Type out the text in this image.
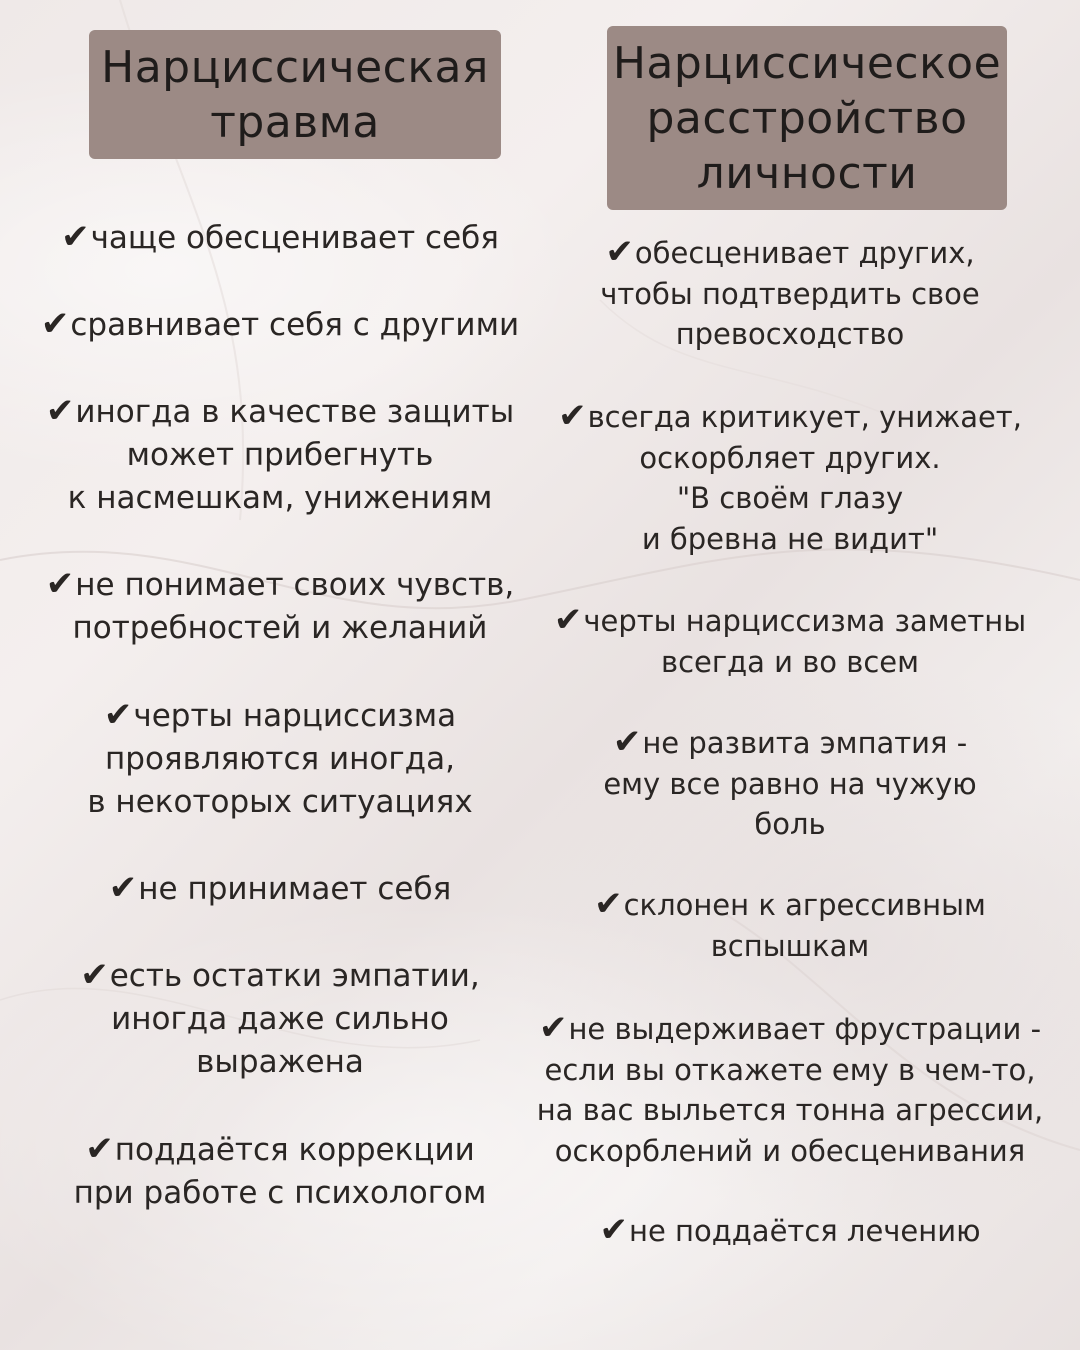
Нарциссическая
травма
Нарциссическое
расстройство
личности
✔чаще обесценивает себя
✔сравнивает себя с другими
✔иногда в качестве защиты
может прибегнуть
к насмешкам, унижениям
✔не понимает своих чувств,
потребностей и желаний
✔черты нарциссизма
проявляются иногда,
в некоторых ситуациях
✔не принимает себя
✔есть остатки эмпатии,
иногда даже сильно
выражена
✔поддаётся коррекции
при работе с психологом
✔обесценивает других,
чтобы подтвердить свое
превосходство
✔всегда критикует, унижает,
оскорбляет других.
"В своём глазу
и бревна не видит"
✔черты нарциссизма заметны
всегда и во всем
✔не развита эмпатия -
ему все равно на чужую
боль
✔склонен к агрессивным
вспышкам
✔не выдерживает фрустрации -
если вы откажете ему в чем-то,
на вас выльется тонна агрессии,
оскорблений и обесценивания
✔не поддаётся лечению
